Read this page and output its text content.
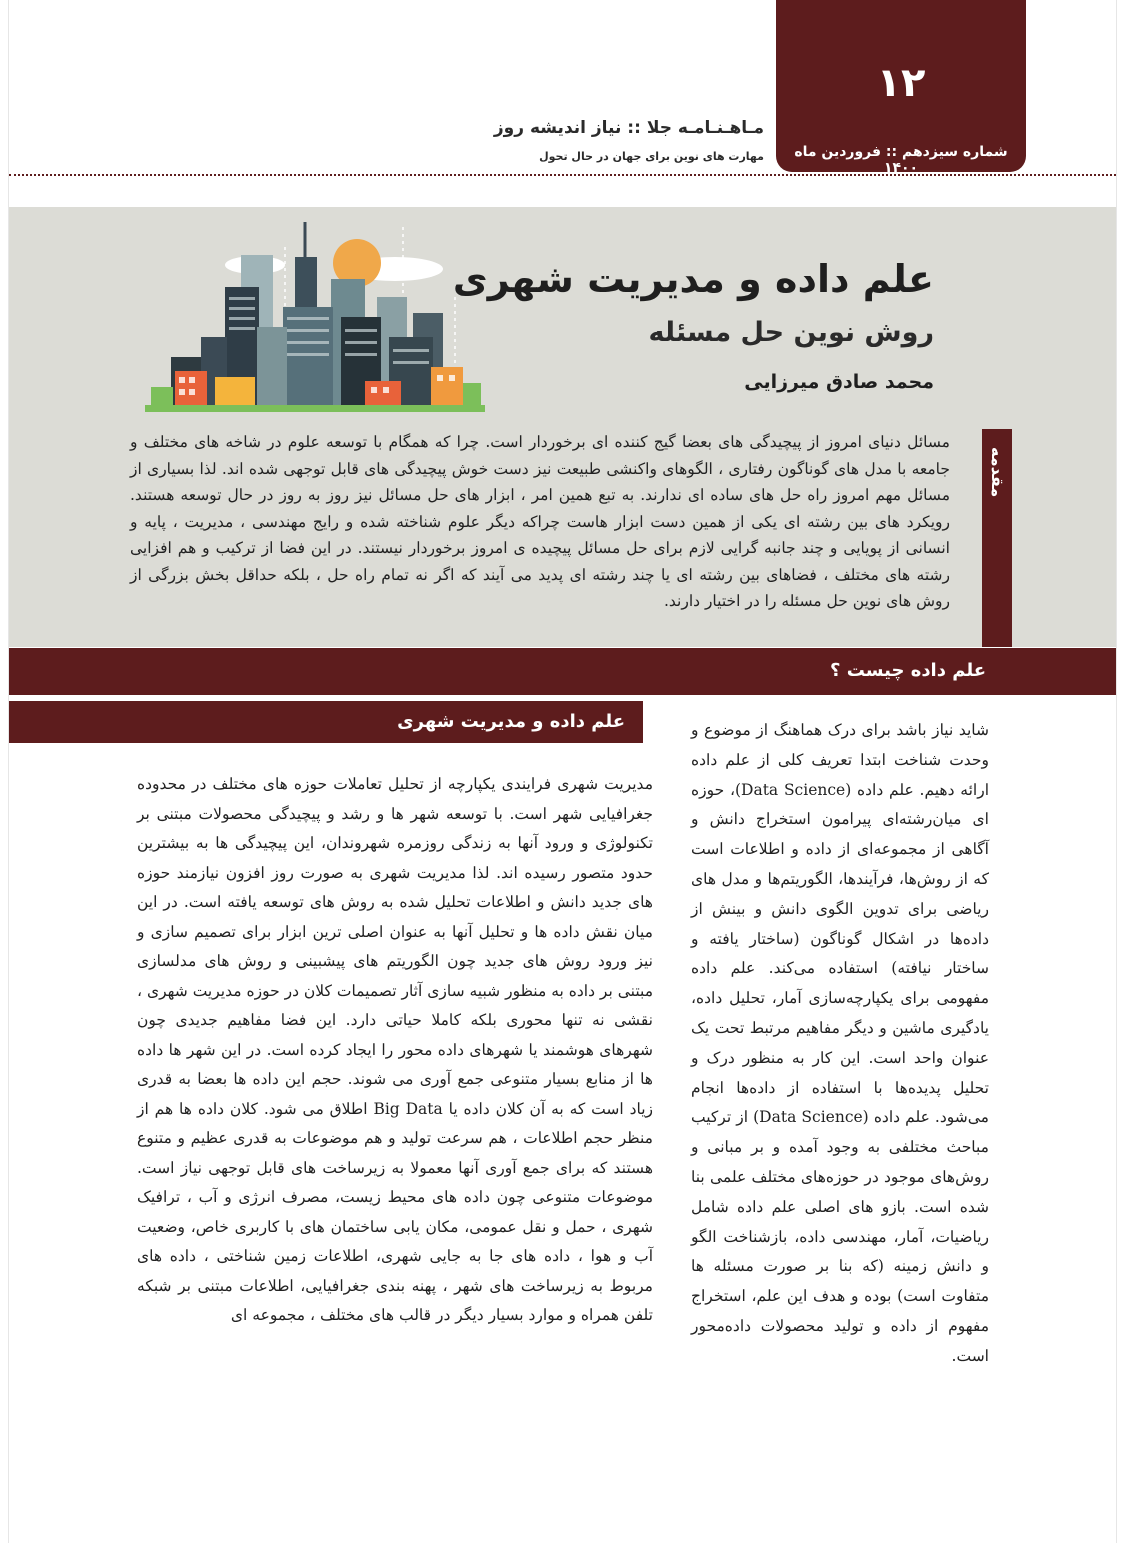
۱۲
شماره سیزدهم :: فروردین ماه ۱۴۰۰
مـاهـنـامـه جلا :: نیاز اندیشه روز
مهارت های نوین برای جهان در حال تحول
علم داده و مدیریت شهری
روش نوین حل مسئله
محمد صادق میرزایی
مقدمه
مسائل دنیای امروز از پیچیدگی های بعضا گیج کننده ای برخوردار است. چرا که همگام با توسعه علوم در شاخه های مختلف و جامعه با مدل های گوناگون رفتاری ، الگوهای واکنشی طبیعت نیز دست خوش پیچیدگی های قابل توجهی شده اند. لذا بسیاری از مسائل مهم امروز راه حل های ساده ای ندارند. به تبع همین امر ، ابزار های حل مسائل نیز روز به روز در حال توسعه هستند. رویکرد های بین رشته ای یکی از همین دست ابزار هاست چراکه دیگر علوم شناخته شده و رایج مهندسی ، مدیریت ، پایه و انسانی از پویایی و چند جانبه گرایی لازم برای حل مسائل پیچیده ی امروز برخوردار نیستند. در این فضا از ترکیب و هم افزایی رشته های مختلف ، فضاهای بین رشته ای یا چند رشته ای پدید می آیند که اگر نه تمام راه حل ، بلکه حداقل بخش بزرگی از روش های نوین حل مسئله را در اختیار دارند.
علم داده چیست ؟
علم داده و مدیریت شهری	شاید نیاز باشد برای درک هماهنگ از موضوع و وحدت شناخت ابتدا تعریف کلی از علم داده ارائه دهیم. علم داده (Data Science)، حوزه ای میان‌رشته‌ای پیرامون استخراج دانش و آگاهی از مجموعه‌ای از داده و اطلاعات است که از روش‌ها، فرآیندها، الگوریتم‌ها و مدل های ریاضی برای تدوین الگوی دانش و بینش از داده‌ها در اشکال گوناگون (ساختار یافته و ساختار نیافته) استفاده می‌کند. علم داده مفهومی برای یکپارچه‌سازی آمار، تحلیل داده، یادگیری ماشین و دیگر مفاهیم مرتبط تحت یک عنوان واحد است. این کار به منظور درک و تحلیل پدیده‌ها با استفاده از داده‌ها انجام می‌شود. علم داده (Data Science) از ترکیب مباحث مختلفی به وجود آمده و بر مبانی و روش‌های موجود در حوزه‌های مختلف علمی بنا شده است. بازو های اصلی علم داده شامل ریاضیات، آمار، مهندسی داده، بازشناخت الگو و دانش زمینه (که بنا بر صورت مسئله ها متفاوت است) بوده و هدف این علم، استخراج مفهوم از داده و تولید محصولات داده‌محور است.
مدیریت شهری فرایندی یکپارچه از تحلیل تعاملات حوزه های مختلف در محدوده جغرافیایی شهر است. با توسعه شهر ها و رشد و پیچیدگی محصولات مبتنی بر تکنولوژی و ورود آنها به زندگی روزمره شهروندان، این پیچیدگی ها به بیشترین حدود متصور رسیده اند. لذا مدیریت شهری به صورت روز افزون نیازمند حوزه های جدید دانش و اطلاعات تحلیل شده به روش های توسعه یافته است. در این میان نقش داده ها و تحلیل آنها به عنوان اصلی ترین ابزار برای تصمیم سازی و نیز ورود روش های جدید چون الگوریتم های پیشبینی و روش های مدلسازی مبتنی بر داده به منظور شبیه سازی آثار تصمیمات کلان در حوزه مدیریت شهری ، نقشی نه تنها محوری بلکه کاملا حیاتی دارد. این فضا مفاهیم جدیدی چون شهرهای هوشمند یا شهرهای داده محور را ایجاد کرده است. در این شهر ها داده ها از منابع بسیار متنوعی جمع آوری می شوند. حجم این داده ها بعضا به قدری زیاد است که به آن کلان داده یا Big Data اطلاق می شود. کلان داده ها هم از منظر حجم اطلاعات ، هم سرعت تولید و هم موضوعات به قدری عظیم و متنوع هستند که برای جمع آوری آنها معمولا به زیرساخت های قابل توجهی نیاز است. موضوعات متنوعی چون داده های محیط زیست، مصرف انرژی و آب ، ترافیک شهری ، حمل و نقل عمومی، مکان یابی ساختمان های با کاربری خاص، وضعیت آب و هوا ، داده های جا به جایی شهری، اطلاعات زمین شناختی ، داده های مربوط به زیرساخت های شهر ، پهنه بندی جغرافیایی، اطلاعات مبتنی بر شبکه تلفن همراه و موارد بسیار دیگر در قالب های مختلف ، مجموعه ای
